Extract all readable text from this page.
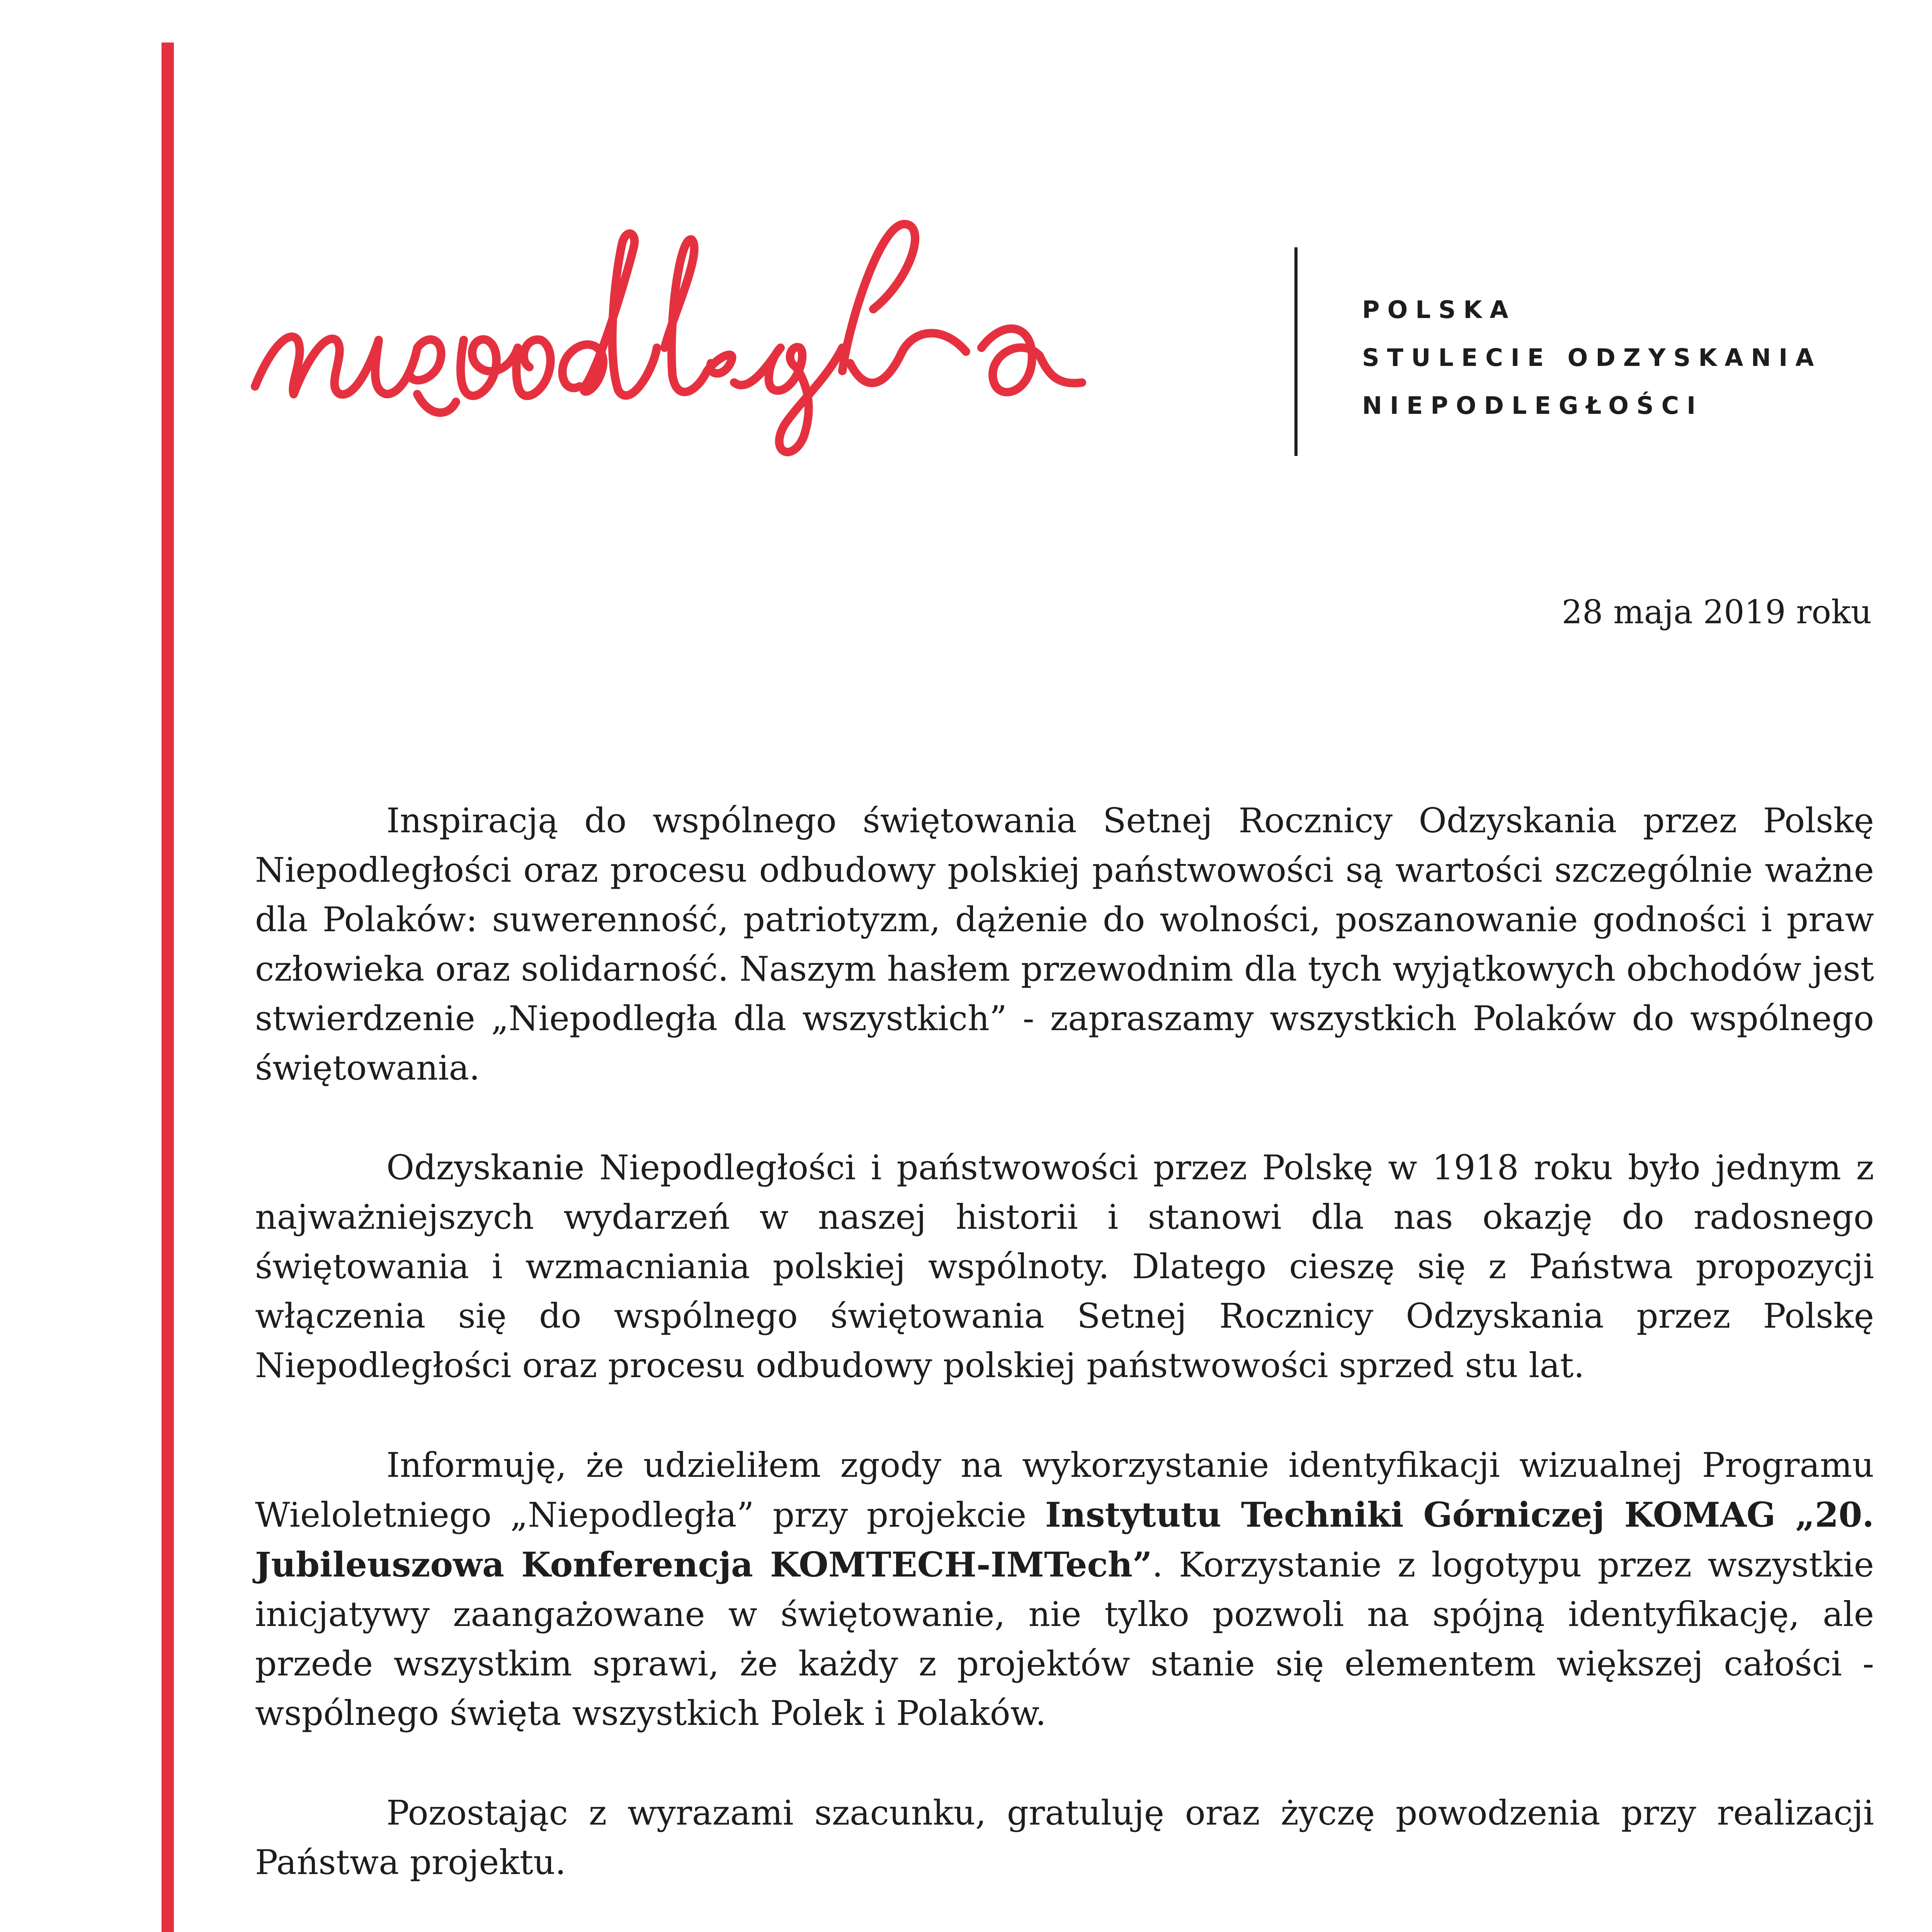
POLSKA
STULECIE ODZYSKANIA
NIEPODLEGŁOŚCI
28 maja 2019 roku

Inspiracją do wspólnego świętowania Setnej Rocznicy Odzyskania przez Polskę Niepodległości oraz procesu odbudowy polskiej państwowości są wartości szczególnie ważne dla Polaków: suwerenność, patriotyzm, dążenie do wolności, poszanowanie godności i praw człowieka oraz solidarność. Naszym hasłem przewodnim dla tych wyjątkowych obchodów jest stwierdzenie „Niepodległa dla wszystkich” - zapraszamy wszystkich Polaków do wspólnego świętowania.

Odzyskanie Niepodległości i państwowości przez Polskę w 1918 roku było jednym z najważniejszych wydarzeń w naszej historii i stanowi dla nas okazję do radosnego świętowania i wzmacniania polskiej wspólnoty. Dlatego cieszę się z Państwa propozycji włączenia się do wspólnego świętowania Setnej Rocznicy Odzyskania przez Polskę Niepodległości oraz procesu odbudowy polskiej państwowości sprzed stu lat.

Informuję, że udzieliłem zgody na wykorzystanie identyfikacji wizualnej Programu Wieloletniego „Niepodległa” przy projekcie Instytutu Techniki Górniczej KOMAG „20. Jubileuszowa Konferencja KOMTECH-IMTech”. Korzystanie z logotypu przez wszystkie inicjatywy zaangażowane w świętowanie, nie tylko pozwoli na spójną identyfikację, ale przede wszystkim sprawi, że każdy z projektów stanie się elementem większej całości - wspólnego święta wszystkich Polek i Polaków.

Pozostając z wyrazami szacunku, gratuluję oraz życzę powodzenia przy realizacji Państwa projektu.
